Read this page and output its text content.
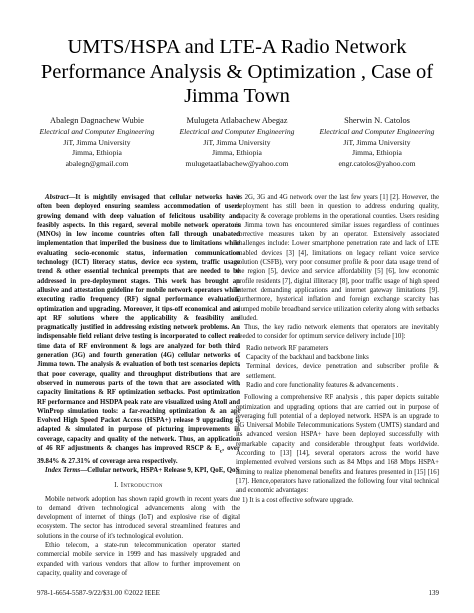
UMTS/HSPA and LTE-A Radio Network
Performance Analysis & Optimization , Case of
Jimma Town
Abalegn Dagnachew Wubie
Electrical and Computer Engineering
JiT, Jimma University
Jimma, Ethiopia
abalegn@gmail.com
Mulugeta Atlabachew Abegaz
Electrical and Computer Engineering
JiT, Jimma University
Jimma, Ethiopia
mulugetaatlabachew@yahoo.com
Sherwin N. Catolos
Electrical and Computer Engineering
JiT, Jimma University
Jimma, Ethiopia
engr.catolos@yahoo.com

Abstract—It is mightily envisaged that cellular networks have often been deployed ensuring seamless accommodation of users growing demand with deep valuation of felicitous usability and feasibly aspects. In this regard, several mobile network operators (MNOs) in low income countries often fall through unabated implementation that imperiled the business due to limitations while evaluating socio-economic status, information communication technology (ICT) literacy status, device eco system, traffic usage trend & other essential technical preempts that are needed to be addressed in pre-deployment stages. This work has brought an allusive and attestation guideline for mobile network operators while executing radio frequency (RF) signal performance evaluation, optimization and upgrading. Moreover, it tips-off economical and an apt RF solutions where the applicability & feasibility are pragmatically justified in addressing existing network problems. An indispensable field reliant drive testing is incorporated to collect real time data of RF environment & logs are analyzed for both third generation (3G) and fourth generation (4G) cellular networks of Jimma town. The analysis & evaluation of both test scenarios depicts that poor coverage, quality and throughput distributions that are observed in numerous parts of the town that are associated with capacity limitations & RF optimization setbacks. Post optimization RF performance and HSDPA peak rate are visualized using Atoll and WinProp simulation tools: a far-reaching optimization & an apt Evolved High Speed Packet Access (HSPA+) release 9 upgrading is adapted & simulated in purpose of picturing improvements in coverage, capacity and quality of the network. Thus, an application of 46 RF adjustments & changes has improved RSCP & $E_c$, over 39.84% & 27.31% of coverage area respectively.

Index Terms—Cellular network, HSPA+ Release 9, KPI, QoE, QoS

I. Introduction

Mobile network adoption has shown rapid growth in recent years due to demand driven technological advancements along with the development of internet of things (IoT) and explosive rise of digital ecosystem. The sector has introduced several streamlined features and solutions in the course of it's technological evolution.

Ethio telecom, a state-run telecommunication operator started commercial mobile service in 1999 and has massively upgraded and expanded with various vendors that allow to further improvement on capacity, quality and coverage of

its 2G, 3G and 4G network over the last few years [1] [2]. However, the deployment has still been in question to address enduring quality, capacity & coverage problems in the operational counties. Users residing in Jimma town has encountered similar issues regardless of continues corrective measures taken by an operator. Extensively associated challenges include: Lower smartphone penetration rate and lack of LTE enabled devices [3] [4], limitations on legacy reliant voice service solution (CSFB), very poor consumer profile & poor data usage trend of the region [5], device and service affordability [5] [6], low economic profile residents [7], digital illiteracy [8], poor traffic usage of high speed internet demanding applications and internet gateway limitations [9]. Furthermore, hysterical inflation and foreign exchange scarcity has slumped mobile broadband service utilization celerity along with setbacks alluded.

Thus, the key radio network elements that operators are inevitably needed to consider for optimum service delivery include [10]:

• Radio network RF parameters
• Capacity of the backhaul and backbone links
• Terminal devices, device penetration and subscriber profile & settlement.
• Radio and core functionality features & advancements .

Following a comprehensive RF analysis , this paper depicts suitable optimization and upgrading options that are carried out in purpose of leveraging full potential of a deployed network. HSPA is an upgrade to 3G Universal Mobile Telecommunications System (UMTS) standard and its advanced version HSPA+ have been deployed successfully with remarkable capacity and considerable throughput feats worldwide. According to [13] [14], several operators across the world have implemented evolved versions such as 84 Mbps and 168 Mbps HSPA+ aiming to realize phenomenal benefits and features presented in [15] [16] [17]. Hence,operators have rationalized the following four vital technical and economic advantages:

1) It is a cost effective software upgrade.

978-1-6654-5587-9/22/$31.00 ©2022 IEEE	139
